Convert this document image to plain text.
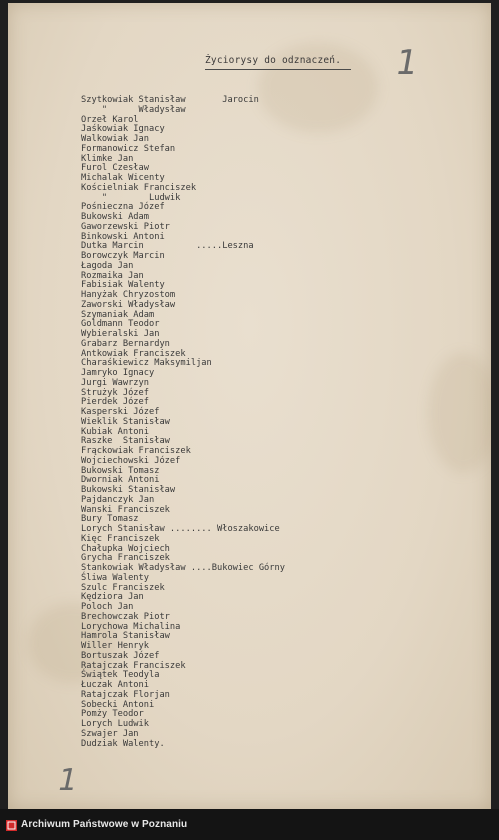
1
Życiorysy do odznaczeń.
Szytkowiak Stanisław       Jarocin
"      Władysław
Orzeł Karol
Jaśkowiak Ignacy
Walkowiak Jan
Formanowicz Stefan
Klimke Jan
Furol Czesław
Michalak Wicenty
Kościelniak Franciszek
"        Ludwik
Pośnieczna Józef
Bukowski Adam
Gaworzewski Piotr
Binkowski Antoni
Dutka Marcin          .....Leszna
Borowczyk Marcin
Łagoda Jan
Rozmaika Jan
Fabisiak Walenty
Hanyżak Chryzostom
Zaworski Władysław
Szymaniak Adam
Goldmann Teodor
Wybieralski Jan
Grabarz Bernardyn
Antkowiak Franciszek
Charaśkiewicz Maksymiljan
Jamryko Ignacy
Jurgi Wawrzyn
Strużyk Józef
Pierdek Józef
Kasperski Józef
Wieklik Stanisław
Kubiak Antoni
Raszke  Stanisław
Frąckowiak Franciszek
Wojciechowski Józef
Bukowski Tomasz
Dworniak Antoni
Bukowski Stanisław
Pajdanczyk Jan
Wanski Franciszek
Bury Tomasz
Lorych Stanisław ........ Włoszakowice
Kięc Franciszek
Chałupka Wojciech
Grycha Franciszek
Stankowiak Władysław ....Bukowiec Górny
Śliwa Walenty
Szulc Franciszek
Kędziora Jan
Poloch Jan
Brechowczak Piotr
Lorychowa Michalina
Hamrola Stanisław
Willer Henryk
Bortuszak Józef
Ratajczak Franciszek
Świątek Teodyla
Łuczak Antoni
Ratajczak Florjan
Sobecki Antoni
Pomży Teodor
Lorych Ludwik
Szwajer Jan
Dudziak Walenty.
1
Archiwum Państwowe w Poznaniu
